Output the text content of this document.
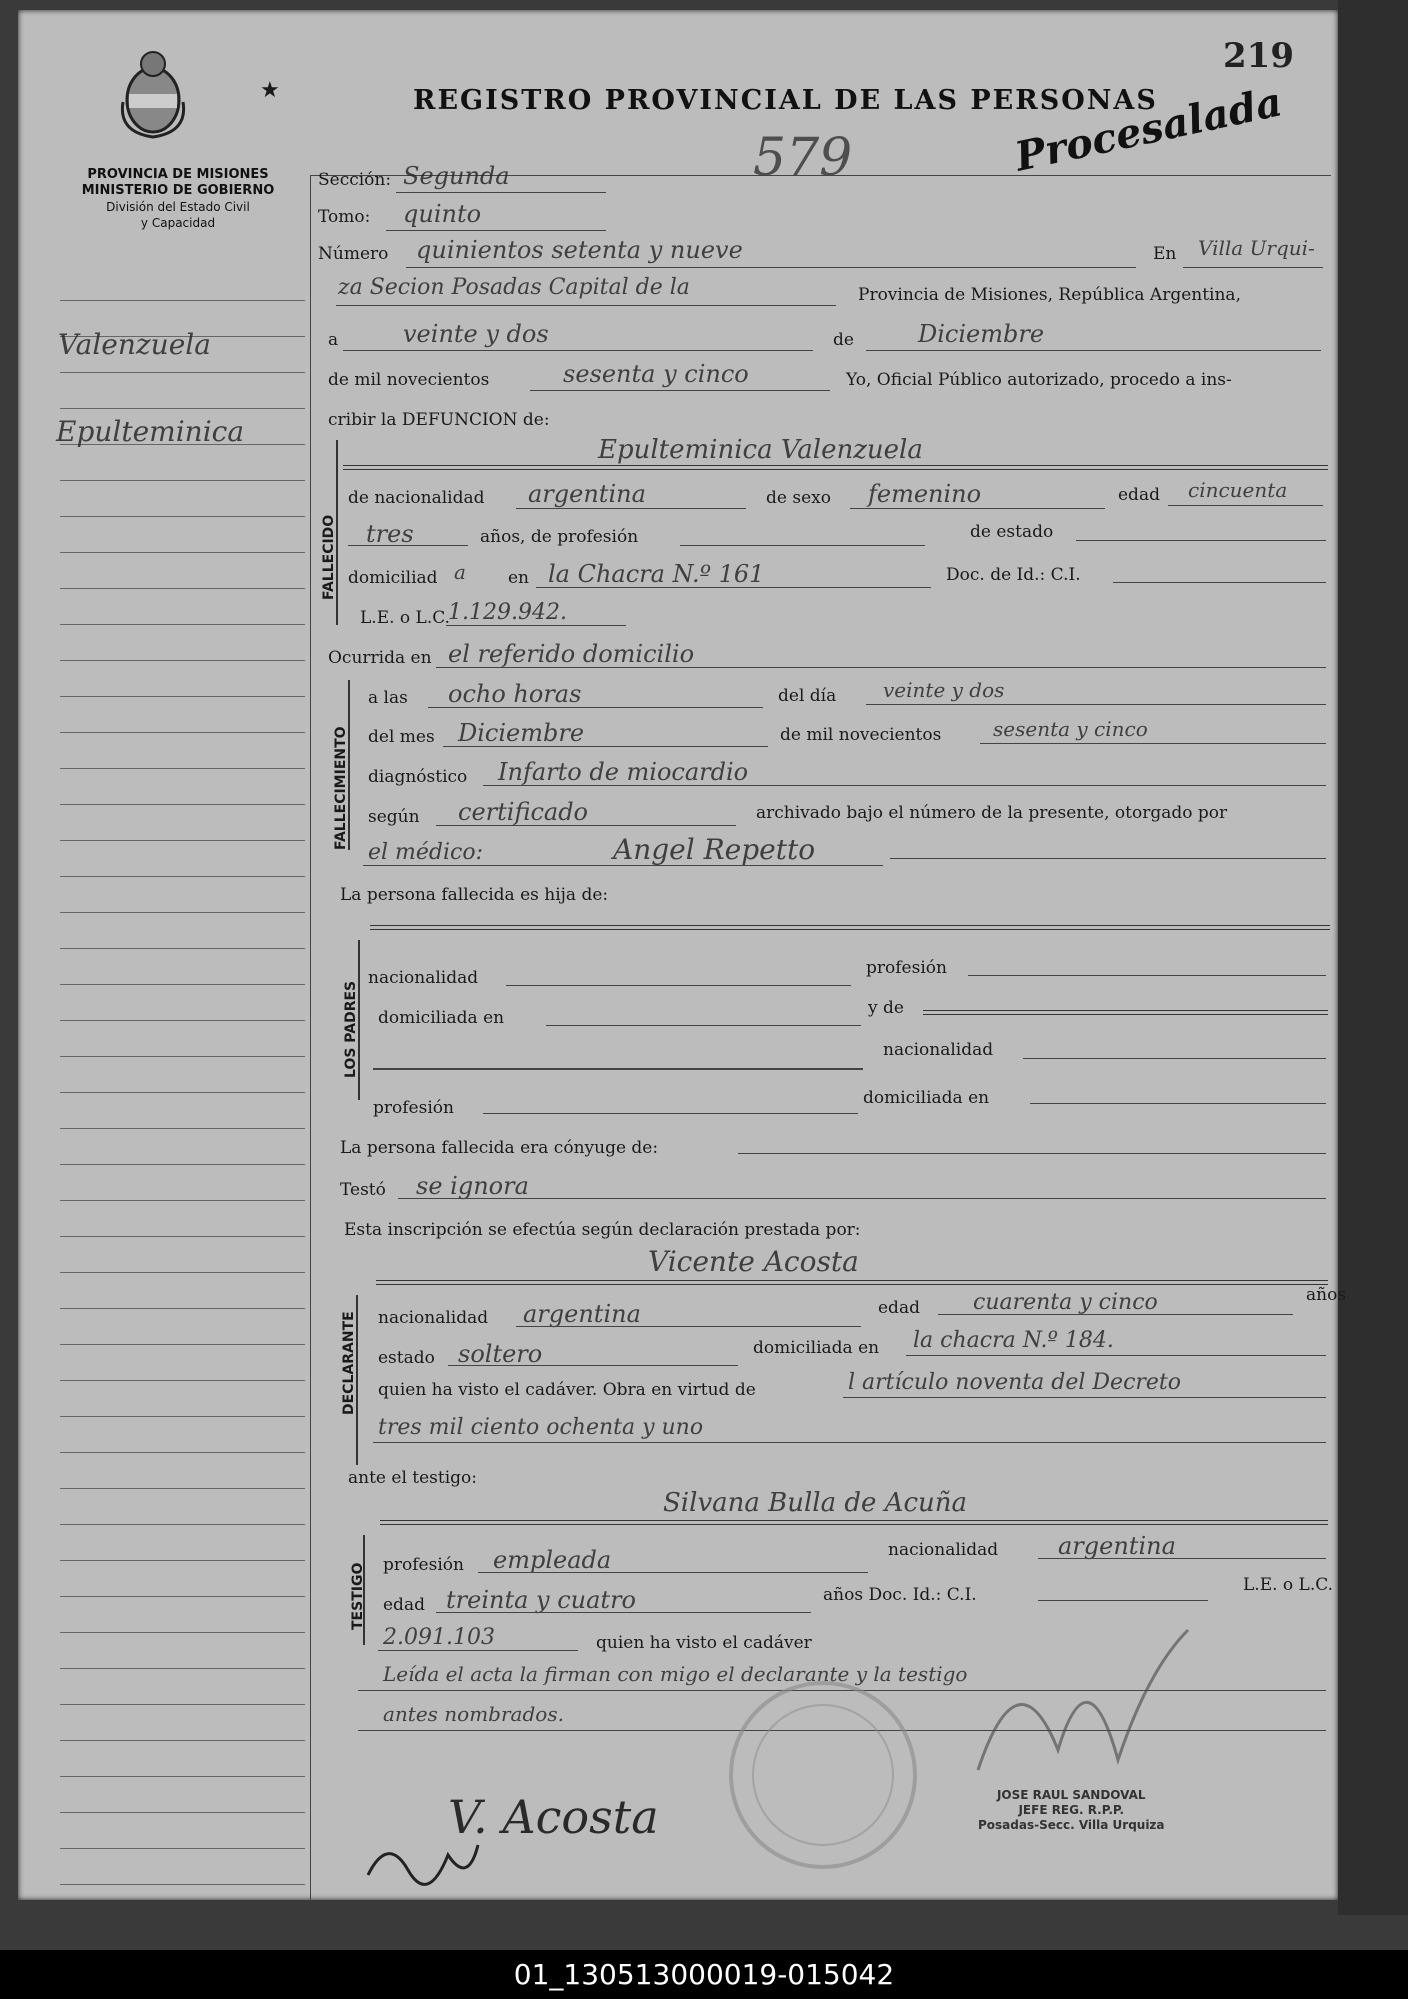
★
PROVINCIA DE MISIONES
MINISTERIO DE GOBIERNO
División del Estado Civil
y Capacidad
REGISTRO PROVINCIAL DE LAS PERSONAS
219
579	Procesalada
Valenzuela
Epulteminica
Sección: Segunda
Tomo: quinto
Número quinientos setenta y nueve	En Villa Urqui-
za Secion Posadas Capital de la	Provincia de Misiones, República Argentina,
a	veinte y dos	de	Diciembre
de mil novecientos	sesenta y cinco	Yo, Oficial Público autorizado, procedo a ins-
cribir la DEFUNCION de:
FALLECIDO
Epulteminica Valenzuela
de nacionalidad argentina	de sexo femenino	edad cincuenta
tres	años, de profesión	de estado
domiciliad a en la Chacra N.º 161	Doc. de Id.: C.I.
L.E. o L.C.
1.129.942.
Ocurrida en el referido domicilio
FALLECIMIENTO
a las ocho horas	del día veinte y dos
del mes Diciembre	de mil novecientos	sesenta y cinco
diagnóstico Infarto de miocardio
según certificado	archivado bajo el número de la presente, otorgado por
el médico:	Angel Repetto
La persona fallecida es hija de:
LOS PADRES
nacionalidad	profesión
domiciliada en	y de
nacionalidad
profesión	domiciliada en
La persona fallecida era cónyuge de:
Testó se ignora
Esta inscripción se efectúa según declaración prestada por:
Vicente Acosta
DECLARANTE nacionalidad argentina	edad cuarenta y cinco	años
estado soltero	domiciliada en la chacra N.º 184.
quien ha visto el cadáver. Obra en virtud de	l artículo noventa del Decreto
tres mil ciento ochenta y uno
ante el testigo:
Silvana Bulla de Acuña
TESTIGO profesión empleada	nacionalidad argentina
edad treinta y cuatro	años Doc. Id.: C.I.	L.E. o L.C.
2.091.103	quien ha visto el cadáver
Leída el acta la firman con migo el declarante y la testigo
antes nombrados.
V. Acosta	JOSE RAUL SANDOVAL
JEFE REG. R.P.P.
Posadas-Secc. Villa Urquiza
01_130513000019-015042
